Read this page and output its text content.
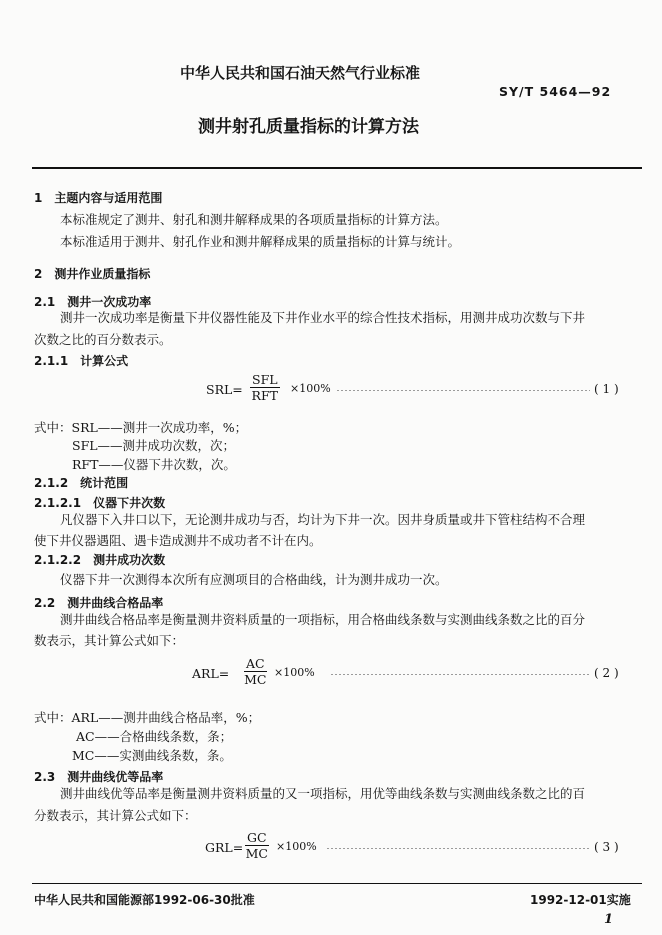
中华人民共和国石油天然气行业标准
SY/T 5464—92
测井射孔质量指标的计算方法
1　主题内容与适用范围
本标准规定了测井、射孔和测井解释成果的各项质量指标的计算方法。
本标准适用于测井、射孔作业和测井解释成果的质量指标的计算与统计。
2　测井作业质量指标
2.1　测井一次成功率
测井一次成功率是衡量下井仪器性能及下井作业水平的综合性技术指标，用测井成功次数与下井
次数之比的百分数表示。
2.1.1　计算公式
SRL=
SFL
RFT ×100%	( 1 )
式中：SRL——测井一次成功率，%；
SFL——测井成功次数，次；
RFT——仪器下井次数，次。
2.1.2　统计范围
2.1.2.1　仪器下井次数
凡仪器下入井口以下，无论测井成功与否，均计为下井一次。因井身质量或井下管柱结构不合理
使下井仪器遇阻、遇卡造成测井不成功者不计在内。
2.1.2.2　测井成功次数
仪器下井一次测得本次所有应测项目的合格曲线，计为测井成功一次。
2.2　测井曲线合格品率
测井曲线合格品率是衡量测井资料质量的一项指标，用合格曲线条数与实测曲线条数之比的百分
数表示，其计算公式如下：
$ARL= \frac{AC}{MC} \times 100\%$	( 2 )
式中：ARL——测井曲线合格品率，%；
AC——合格曲线条数，条；
MC——实测曲线条数，条。
2.3　测井曲线优等品率
测井曲线优等品率是衡量测井资料质量的又一项指标，用优等曲线条数与实测曲线条数之比的百
分数表示，其计算公式如下：
$GRL= \frac{GC}{MC} \times 100\%$	( 3 )
中华人民共和国能源部1992-06-30批准	1992-12-01实施
1
